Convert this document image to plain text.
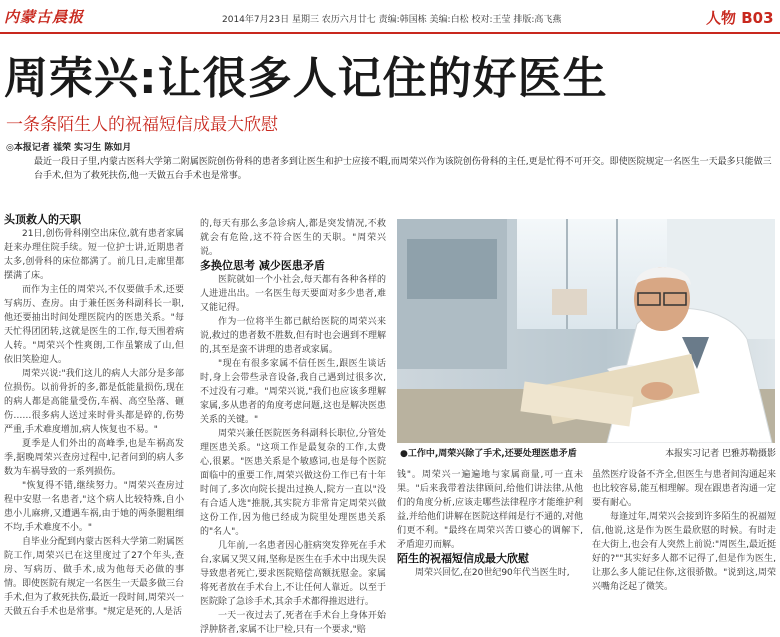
内蒙古晨报	2014年7月23日 星期三 农历六月廿七 责编:韩国栋 美编:白松 校对:王莹 排版:高飞燕	人物 B03
周荣兴:让很多人记住的好医生
一条条陌生人的祝福短信成最大欣慰
◎本报记者 禚荣 实习生 陈如月
最近一段日子里,内蒙古医科大学第二附属医院创伤骨科的患者多到让医生和护士应接不暇,而周荣兴作为该院创伤骨科的主任,更是忙得不可开交。即使医院规定一名医生一天最多只能做三台手术,但为了救死扶伤,他一天做五台手术也是常事。

头顶救人的天职

21日,创伤骨科刚空出床位,就有患者家属赶来办理住院手续。短一位护士讲,近期患者太多,创骨科的床位都满了。前几日,走廊里都摆满了床。

而作为主任的周荣兴,不仅要做手术,还要写病历、查房。由于兼任医务科副科长一职,他还要抽出时间处理医院内的医患关系。"每天忙得团团转,这就是医生的工作,每天围着病人转。"周荣兴个性爽朗,工作虽繁成了山,但依旧笑脸迎人。

周荣兴说:"我们这儿的病人大部分是多部位损伤。以前骨折的多,都是低能量损伤,现在的病人都是高能量受伤,车祸、高空坠落、砸伤……很多病人送过来时骨头都是碎的,伤势严重,手术难度增加,病人恢复也不易。"

夏季是人们外出的高峰季,也是车祸高发季,据晚周荣兴查房过程中,记者问到的病人多数为车祸导致的一系列损伤。

"恢复得不错,继续努力。"周荣兴查房过程中安慰一名患者,"这个病人比较特殊,自小患小儿麻痹,又遭遇车祸,由于她的两条腿粗细不均,手术难度不小。"

自毕业分配到内蒙古医科大学第二附属医院工作,周荣兴已在这里度过了27个年头,查房、写病历、做手术,成为他每天必做的事情。即使医院有规定一名医生一天最多做三台手术,但为了救死扶伤,最近一段时间,周荣兴一天做五台手术也是常事。"规定是死的,人是活

的,每天有那么多急诊病人,都是突发情况,不救就会有危险,这不符合医生的天职。"周荣兴说。

多换位思考 减少医患矛盾

医院就如一个小社会,每天都有各种各样的人进进出出。一名医生每天要面对多少患者,难又能记得。

作为一位将半生都已献给医院的周荣兴来说,救过的患者数不胜数,但有时也会遇到不理解的,其至是蛮不讲理的患者或家属。

"现在有很多家属不信任医生,跟医生谈话时,身上会带些录音设备,我自己遇到过很多次,不过没有刁难。"周荣兴说,"我们也应该多理解家属,多从患者的角度考虑问题,这也是解决医患关系的关键。"

周荣兴兼任医院医务科副科长职位,分管处理医患关系。"这项工作是最复杂的工作,太费心,很累。"医患关系是个敏感词,也是每个医院面临中的重要工作,周荣兴做这份工作已有十年时间了,多次向院长提出过换人,院方一直以"没有合适人选"推脱,其实院方非常肯定周荣兴做这份工作,因为他已经成为院里处理医患关系的"名人"。

几年前,一名患者因心脏病突发猝死在手术台,家属又哭又闹,坚称是医生在手术中出现失误导致患者死亡,要求医院赔偿高额抚慰金。家属将死者放在手术台上,不让任何人靠近。以至于医院除了急诊手术,其余手术都得推迟进行。

一天一夜过去了,死者在手术台上身体开始浮肿脐者,家属不让尸检,只有一个要求,"赔

●工作中,周荣兴除了手术,还要处理医患矛盾	本报实习记者 巴雅苏勒摄影

钱"。周荣兴一遍遍地与家属商量,可一直未果。"后来我带着法律顾问,给他们讲法律,从他们的角度分析,应该走哪些法律程序才能维护利益,并给他们讲解在医院这样闹是行不通的,对他们更不利。"最终在周荣兴苦口婆心的调解下,矛盾迎刃而解。

陌生的祝福短信成最大欣慰

周荣兴回忆,在20世纪90年代当医生时,

虽然医疗设备不齐全,但医生与患者间沟通起来也比较容易,能互相理解。现在跟患者沟通一定要有耐心。

每逢过年,周荣兴会接到许多陌生的祝福短信,他说,这是作为医生最欣慰的时候。有时走在大街上,也会有人突然上前说:"周医生,最近挺好的?""其实好多人都不记得了,但是作为医生,让那么多人能记住你,这很骄傲。"说到这,周荣兴嘴角泛起了微笑。
